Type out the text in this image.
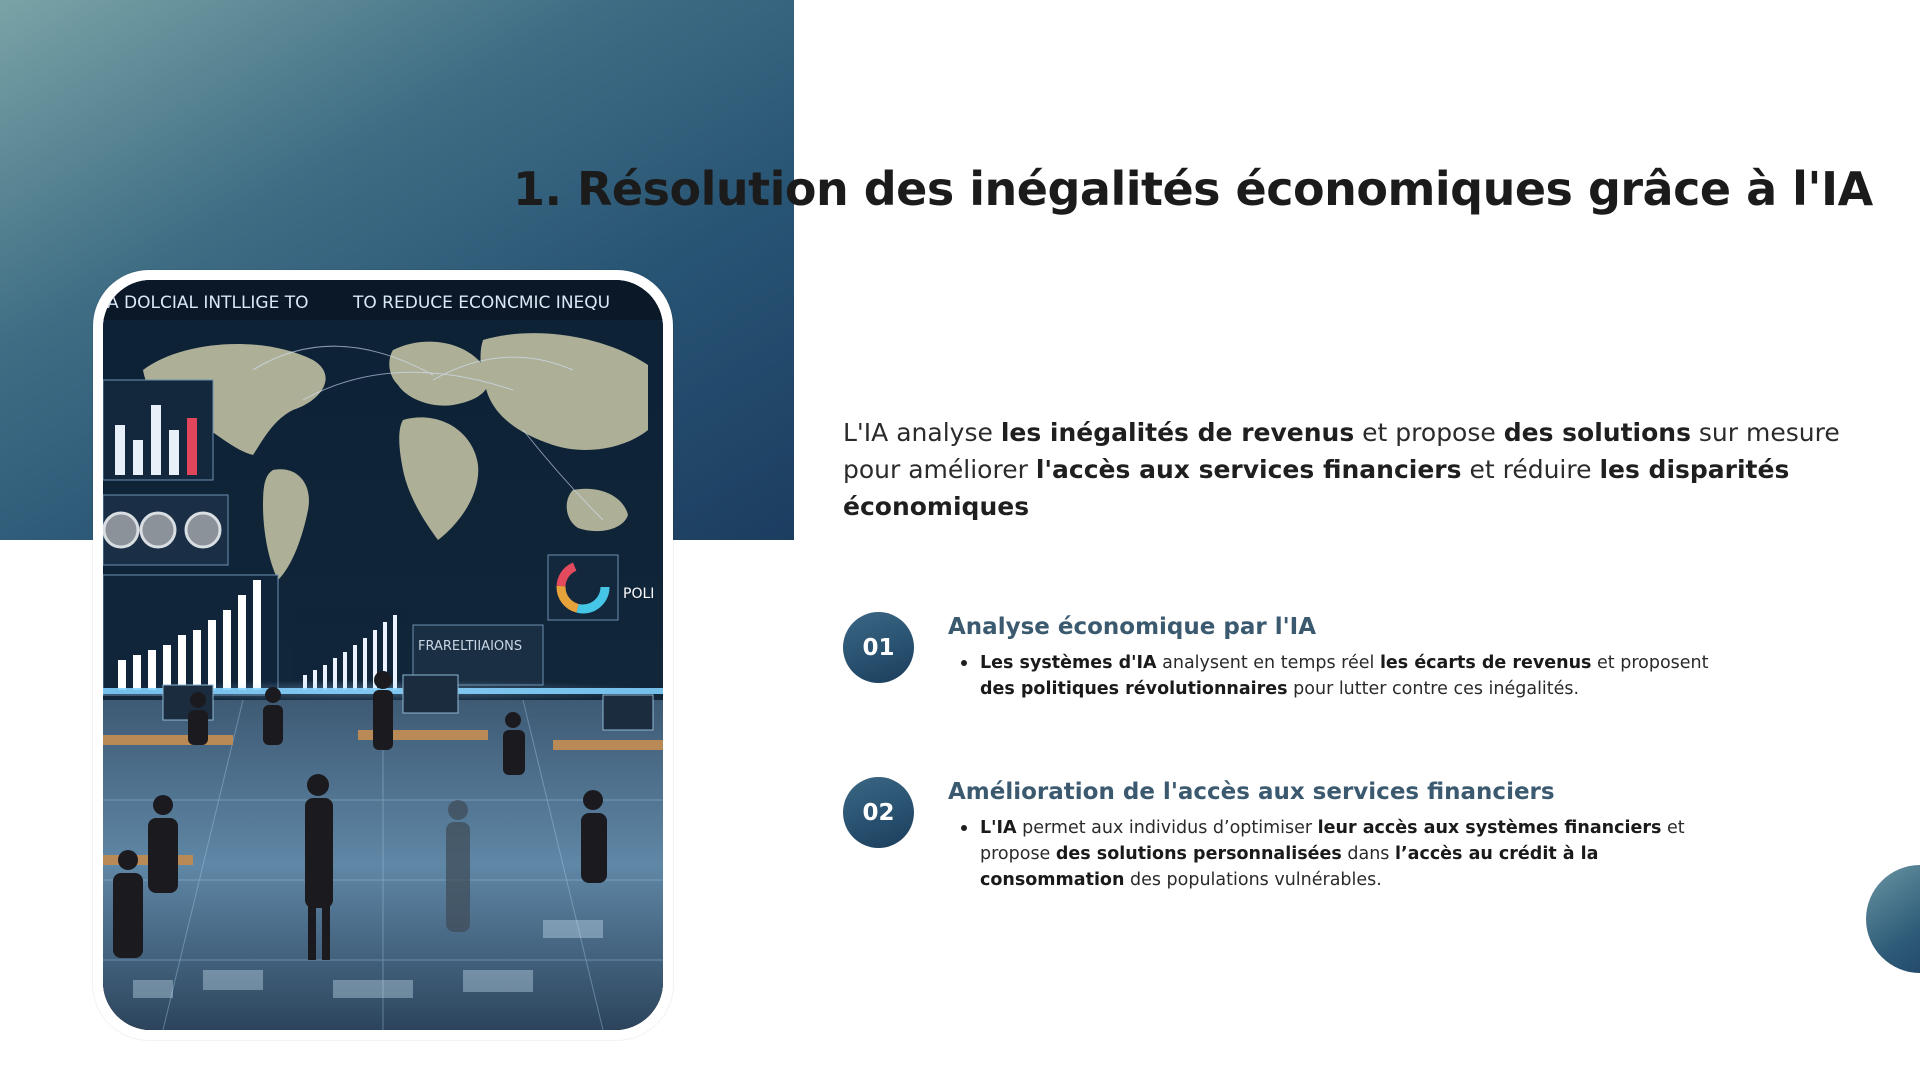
1. Résolution des inégalités économiques grâce à l'IA
A DOLCIAL INTLLIGE TO	TO REDUCE ECONCMIC INEQU
FRARELTIIAIONS
POLI

L'IA analyse les inégalités de revenus et propose des solutions sur mesure pour améliorer l'accès aux services financiers et réduire les disparités économiques

01
Analyse économique par l'IA
Les systèmes d'IA analysent en temps réel les écarts de revenus et proposent des politiques révolutionnaires pour lutter contre ces inégalités.
02
Amélioration de l'accès aux services financiers
L'IA permet aux individus d’optimiser leur accès aux systèmes financiers et propose des solutions personnalisées dans l’accès au crédit à la consommation des populations vulnérables.
